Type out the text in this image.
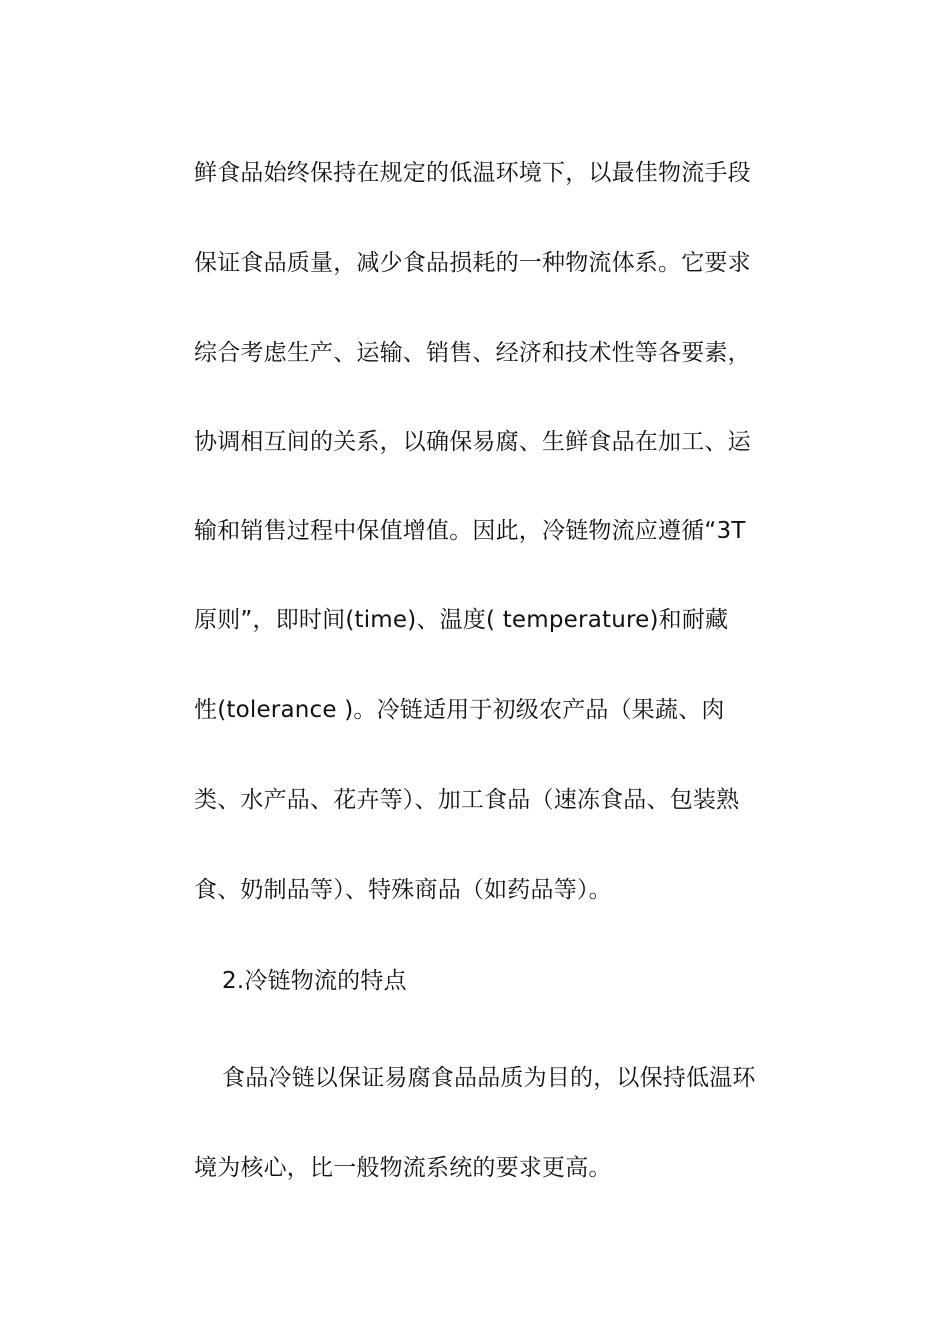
鲜食品始终保持在规定的低温环境下，以最佳物流手段
保证食品质量，减少食品损耗的一种物流体系。它要求
综合考虑生产、运输、销售、经济和技术性等各要素，
协调相互间的关系，以确保易腐、生鲜食品在加工、运
输和销售过程中保值增值。因此，冷链物流应遵循“3T
原则”，即时间(time)、温度( temperature)和耐藏
性(tolerance )。冷链适用于初级农产品（果蔬、肉
类、水产品、花卉等）、加工食品（速冻食品、包装熟
食、奶制品等）、特殊商品（如药品等）。
2.冷链物流的特点
食品冷链以保证易腐食品品质为目的，以保持低温环
境为核心，比一般物流系统的要求更高。
